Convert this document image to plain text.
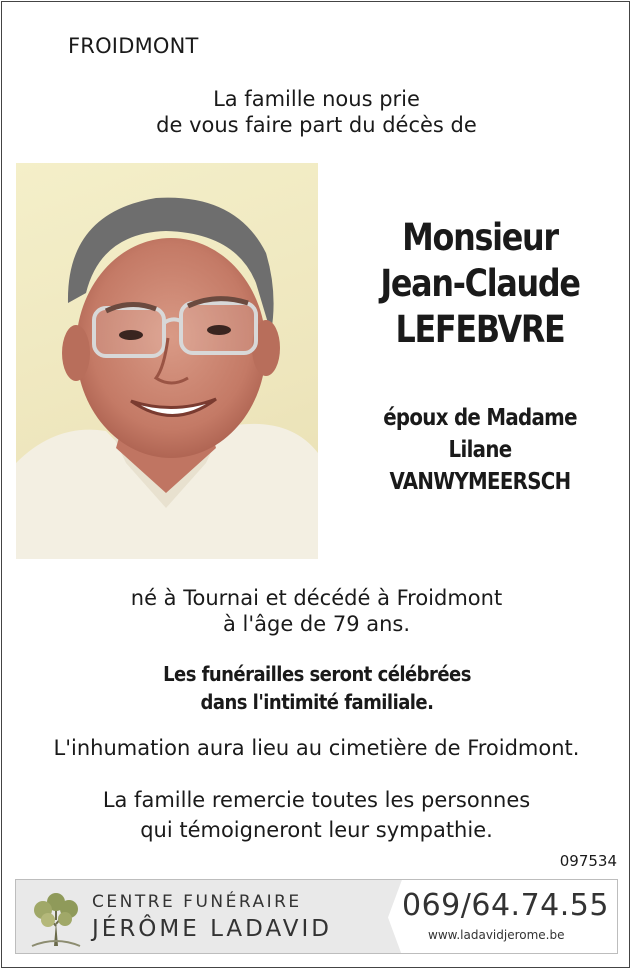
FROIDMONT
La famille nous prie
de vous faire part du décès de
Monsieur
Jean-Claude
LEFEBVRE
époux de Madame
Lilane
VANWYMEERSCH
né à Tournai et décédé à Froidmont
à l'âge de 79 ans.
Les funérailles seront célébrées
dans l'intimité familiale.
L'inhumation aura lieu au cimetière de Froidmont.
La famille remercie toutes les personnes
qui témoigneront leur sympathie.
097534
CENTRE FUNÉRAIRE
JÉRÔME LADAVID
069/64.74.55
www.ladavidjerome.be
